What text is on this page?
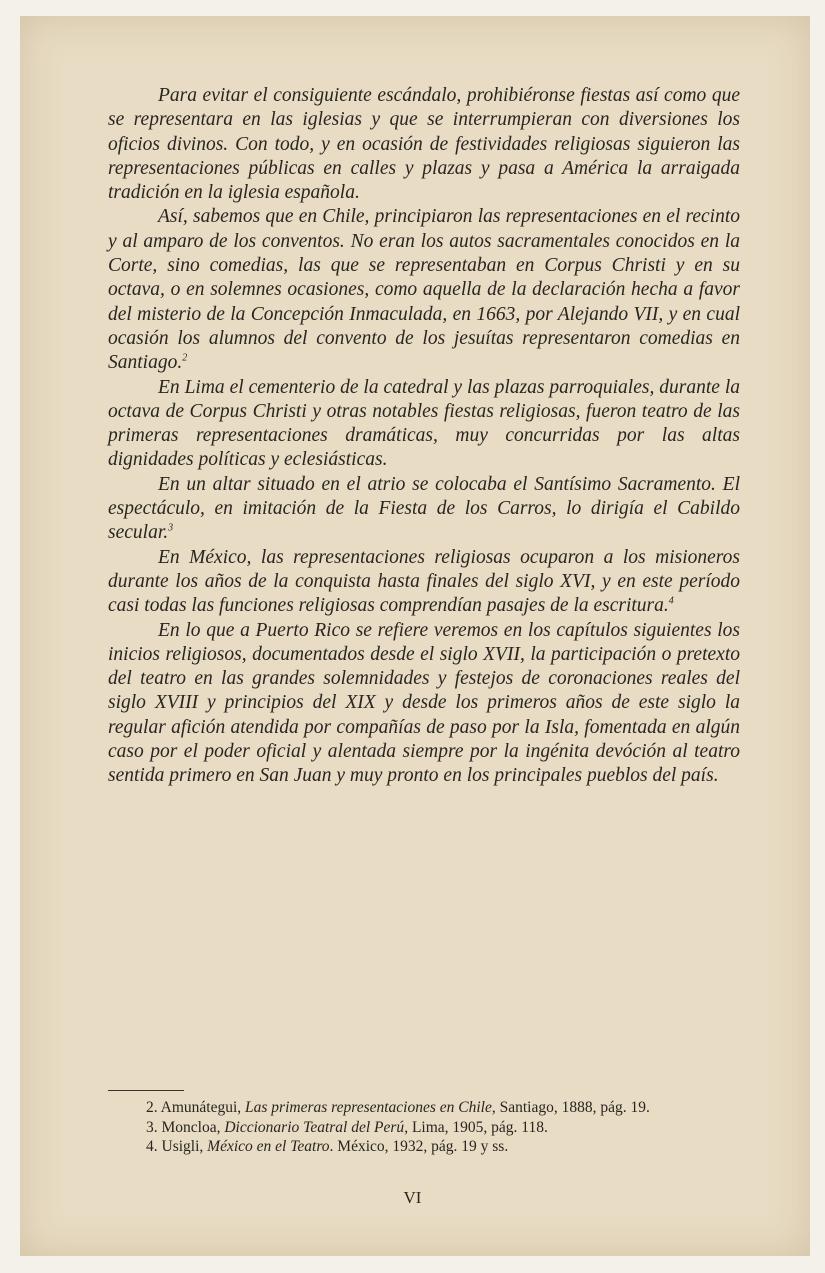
Para evitar el consiguiente escándalo, prohibiéronse fiestas así como que se representara en las iglesias y que se interrumpieran con diversiones los oficios divinos. Con todo, y en ocasión de festividades religiosas siguieron las representaciones públicas en calles y plazas y pasa a América la arraigada tradición en la iglesia española.

Así, sabemos que en Chile, principiaron las representaciones en el recinto y al amparo de los conventos. No eran los autos sacramentales conocidos en la Corte, sino comedias, las que se representaban en Corpus Christi y en su octava, o en solemnes ocasiones, como aquella de la declaración hecha a favor del misterio de la Concepción Inmaculada, en 1663, por Alejando VII, y en cual ocasión los alumnos del convento de los jesuítas representaron comedias en Santiago.$^2$

En Lima el cementerio de la catedral y las plazas parroquiales, durante la octava de Corpus Christi y otras notables fiestas religiosas, fueron teatro de las primeras representaciones dramáticas, muy concurridas por las altas dignidades políticas y eclesiásticas.

En un altar situado en el atrio se colocaba el Santísimo Sacramento. El espectáculo, en imitación de la Fiesta de los Carros, lo dirigía el Cabildo secular.$^3$

En México, las representaciones religiosas ocuparon a los misioneros durante los años de la conquista hasta finales del siglo XVI, y en este período casi todas las funciones religiosas comprendían pasajes de la escritura.$^4$

En lo que a Puerto Rico se refiere veremos en los capítulos siguientes los inicios religiosos, documentados desde el siglo XVII, la participación o pretexto del teatro en las grandes solemnidades y festejos de coronaciones reales del siglo XVIII y principios del XIX y desde los primeros años de este siglo la regular afición atendida por compañías de paso por la Isla, fomentada en algún caso por el poder oficial y alentada siempre por la ingénita devóción al teatro sentida primero en San Juan y muy pronto en los principales pueblos del país.

2. Amunátegui, Las primeras representaciones en Chile, Santiago, 1888, pág. 19.
3. Moncloa, Diccionario Teatral del Perú, Lima, 1905, pág. 118.
4. Usigli, México en el Teatro. México, 1932, pág. 19 y ss.
VI
